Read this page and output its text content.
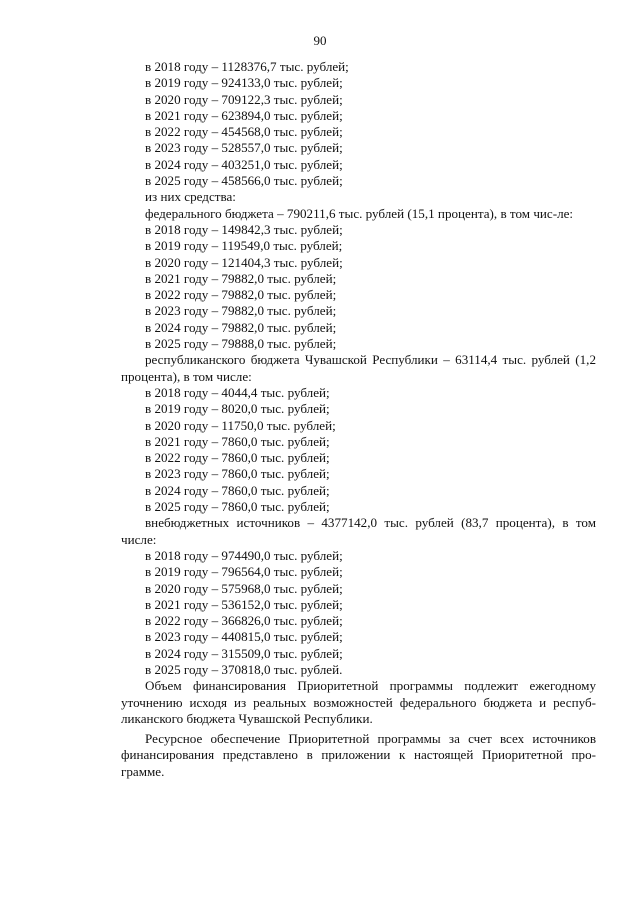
90
в 2018 году – 1128376,7 тыс. рублей;
в 2019 году – 924133,0 тыс. рублей;
в 2020 году – 709122,3 тыс. рублей;
в 2021 году – 623894,0 тыс. рублей;
в 2022 году – 454568,0 тыс. рублей;
в 2023 году – 528557,0 тыс. рублей;
в 2024 году – 403251,0 тыс. рублей;
в 2025 году – 458566,0 тыс. рублей;
из них средства:
федерального бюджета – 790211,6 тыс. рублей (15,1 процента), в том чис-ле:
в 2018 году – 149842,3 тыс. рублей;
в 2019 году – 119549,0 тыс. рублей;
в 2020 году – 121404,3 тыс. рублей;
в 2021 году – 79882,0 тыс. рублей;
в 2022 году – 79882,0 тыс. рублей;
в 2023 году – 79882,0 тыс. рублей;
в 2024 году – 79882,0 тыс. рублей;
в 2025 году – 79888,0 тыс. рублей;
республиканского бюджета Чувашской Республики – 63114,4 тыс. рублей (1,2 процента), в том числе:
в 2018 году – 4044,4 тыс. рублей;
в 2019 году – 8020,0 тыс. рублей;
в 2020 году – 11750,0 тыс. рублей;
в 2021 году – 7860,0 тыс. рублей;
в 2022 году – 7860,0 тыс. рублей;
в 2023 году – 7860,0 тыс. рублей;
в 2024 году – 7860,0 тыс. рублей;
в 2025 году – 7860,0 тыс. рублей;
внебюджетных источников – 4377142,0 тыс. рублей (83,7 процента), в том числе:
в 2018 году – 974490,0 тыс. рублей;
в 2019 году – 796564,0 тыс. рублей;
в 2020 году – 575968,0 тыс. рублей;
в 2021 году – 536152,0 тыс. рублей;
в 2022 году – 366826,0 тыс. рублей;
в 2023 году – 440815,0 тыс. рублей;
в 2024 году – 315509,0 тыс. рублей;
в 2025 году – 370818,0 тыс. рублей.
Объем финансирования Приоритетной программы подлежит ежегодному уточнению исходя из реальных возможностей федерального бюджета и респуб-ликанского бюджета Чувашской Республики.
Ресурсное обеспечение Приоритетной программы за счет всех источников финансирования представлено в приложении к настоящей Приоритетной про-грамме.
